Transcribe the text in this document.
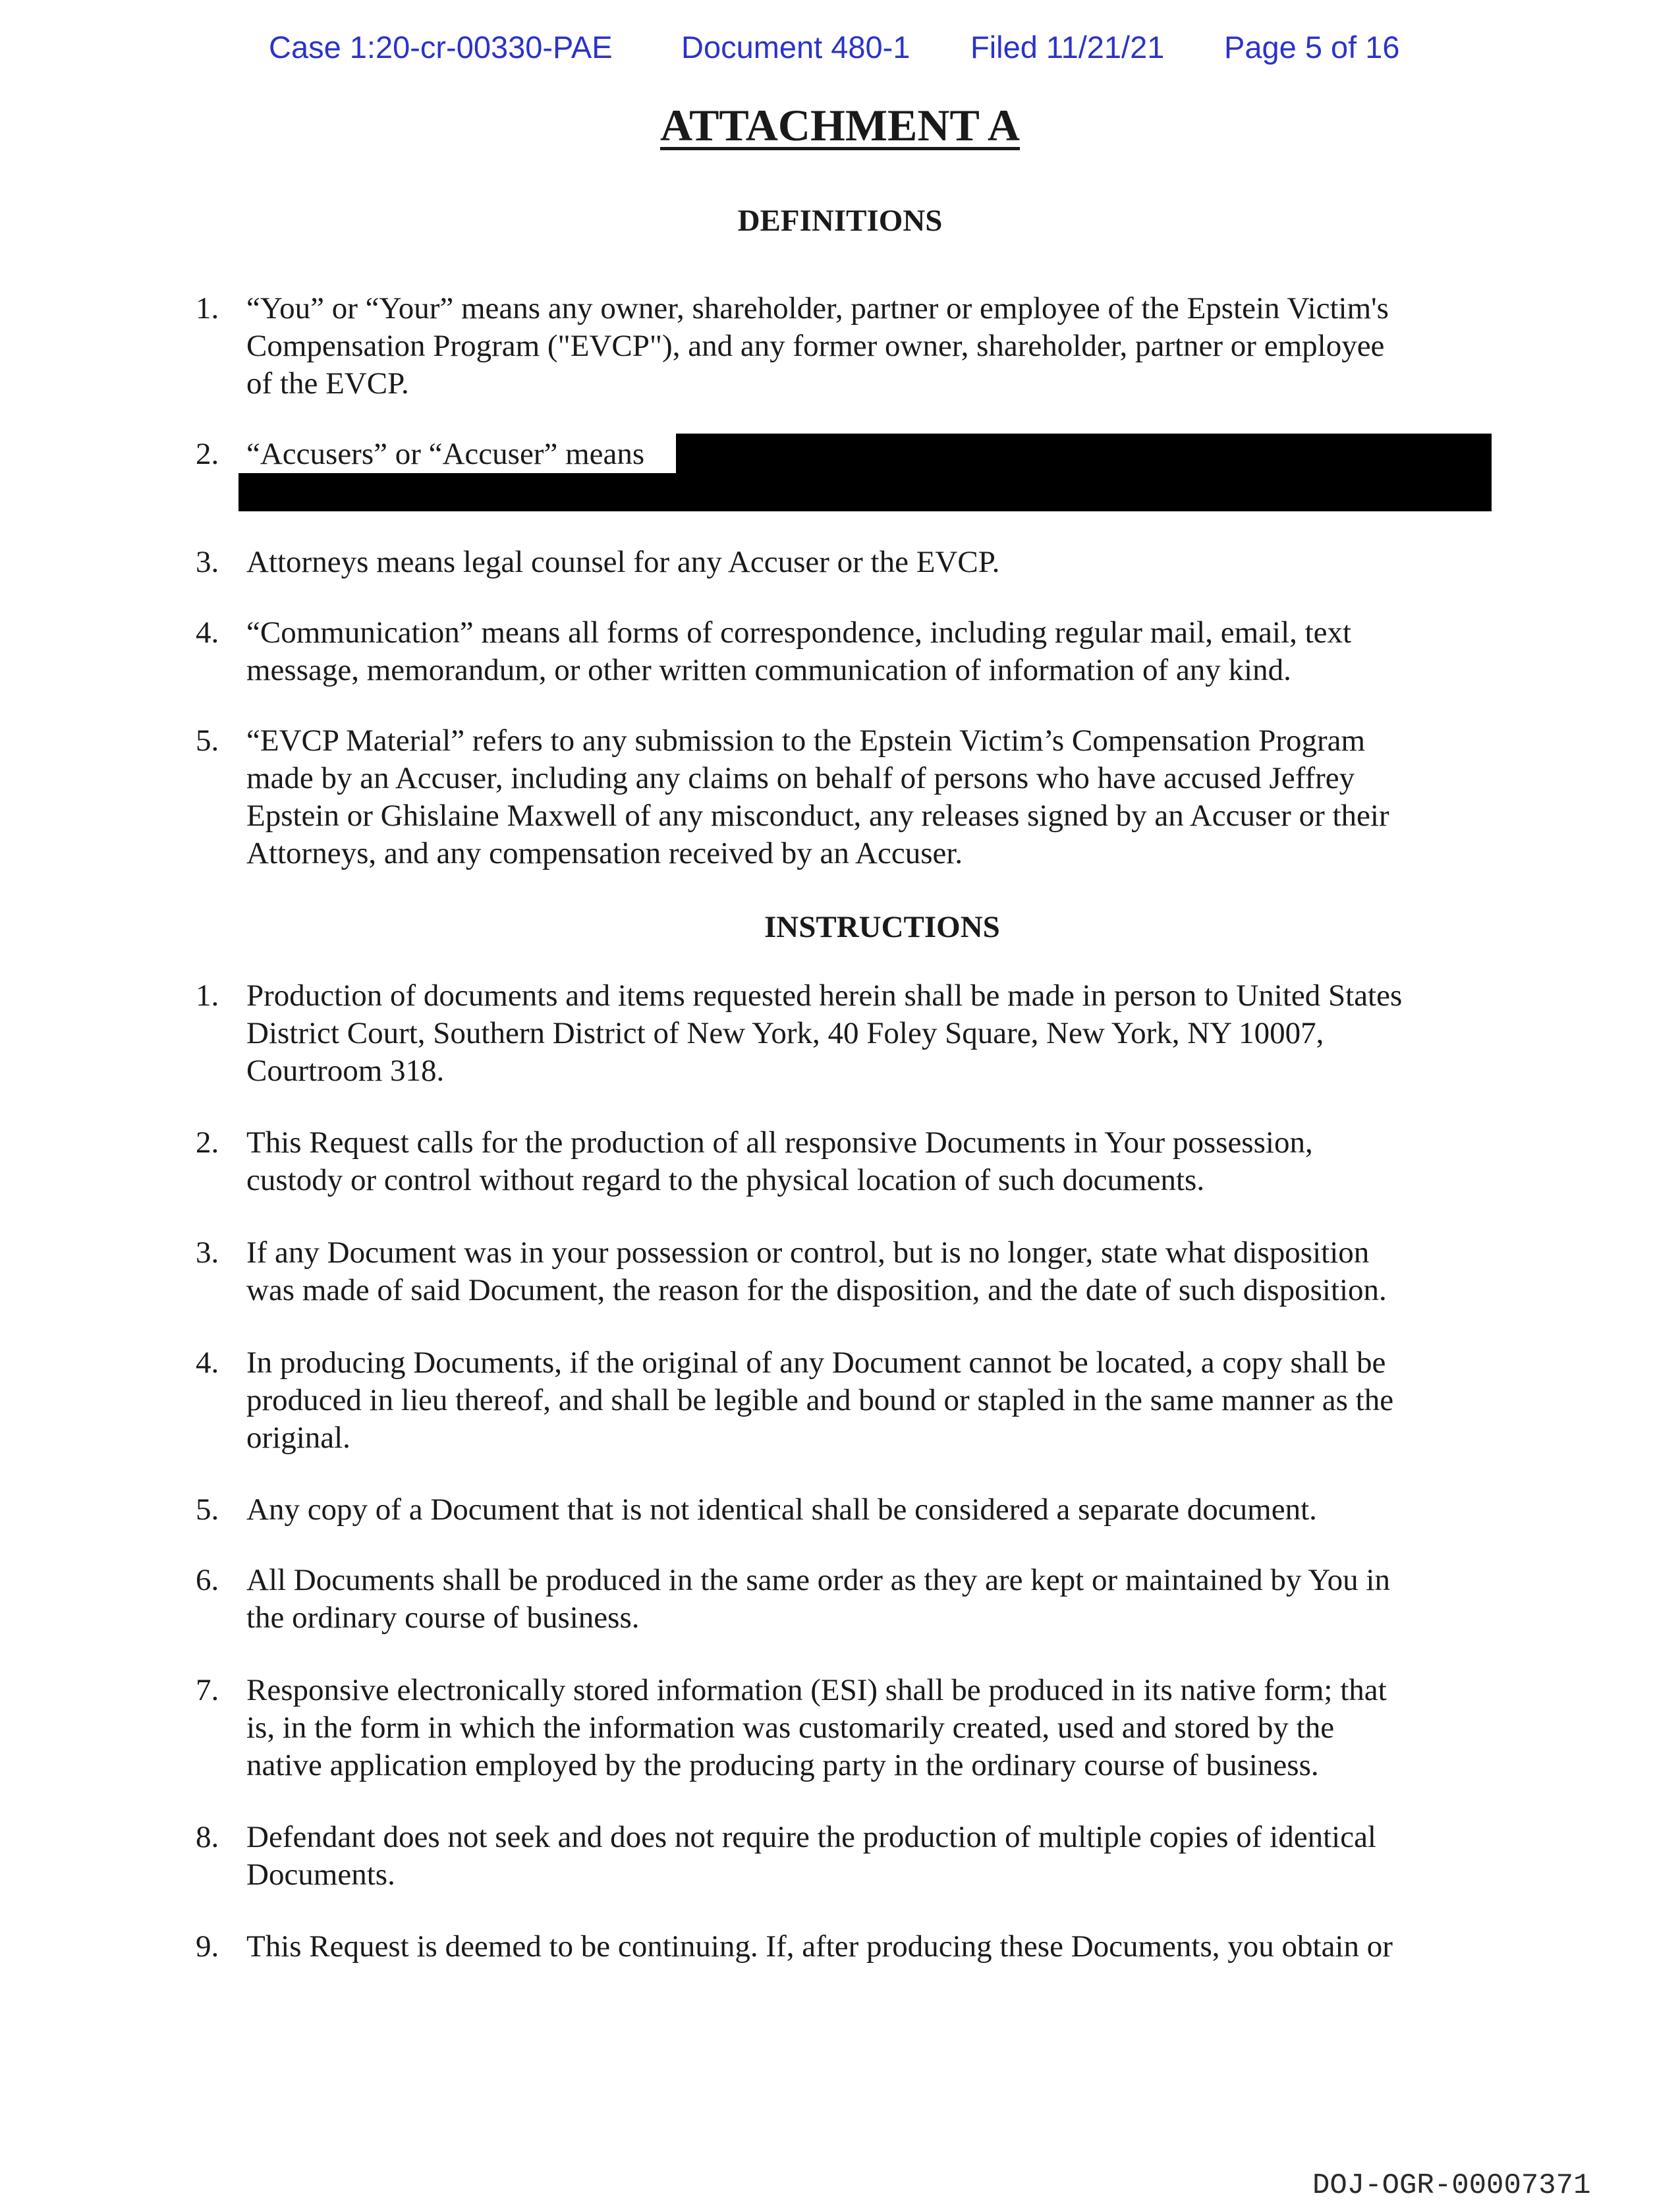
Case 1:20-cr-00330-PAE Document 480-1 Filed 11/21/21 Page 5 of 16
ATTACHMENT A
DEFINITIONS
1. “You” or “Your” means any owner, shareholder, partner or employee of the Epstein Victim's
Compensation Program ("EVCP"), and any former owner, shareholder, partner or employee
of the EVCP.
2. “Accusers” or “Accuser” means
3. Attorneys means legal counsel for any Accuser or the EVCP.
4. “Communication” means all forms of correspondence, including regular mail, email, text
message, memorandum, or other written communication of information of any kind.
5. “EVCP Material” refers to any submission to the Epstein Victim’s Compensation Program
made by an Accuser, including any claims on behalf of persons who have accused Jeffrey
Epstein or Ghislaine Maxwell of any misconduct, any releases signed by an Accuser or their
Attorneys, and any compensation received by an Accuser.
INSTRUCTIONS
1. Production of documents and items requested herein shall be made in person to United States
District Court, Southern District of New York, 40 Foley Square, New York, NY 10007,
Courtroom 318.
2. This Request calls for the production of all responsive Documents in Your possession,
custody or control without regard to the physical location of such documents.
3. If any Document was in your possession or control, but is no longer, state what disposition
was made of said Document, the reason for the disposition, and the date of such disposition.
4. In producing Documents, if the original of any Document cannot be located, a copy shall be
produced in lieu thereof, and shall be legible and bound or stapled in the same manner as the
original.
5. Any copy of a Document that is not identical shall be considered a separate document.
6. All Documents shall be produced in the same order as they are kept or maintained by You in
the ordinary course of business.
7. Responsive electronically stored information (ESI) shall be produced in its native form; that
is, in the form in which the information was customarily created, used and stored by the
native application employed by the producing party in the ordinary course of business.
8. Defendant does not seek and does not require the production of multiple copies of identical
Documents.
9. This Request is deemed to be continuing. If, after producing these Documents, you obtain or
DOJ-OGR-00007371
